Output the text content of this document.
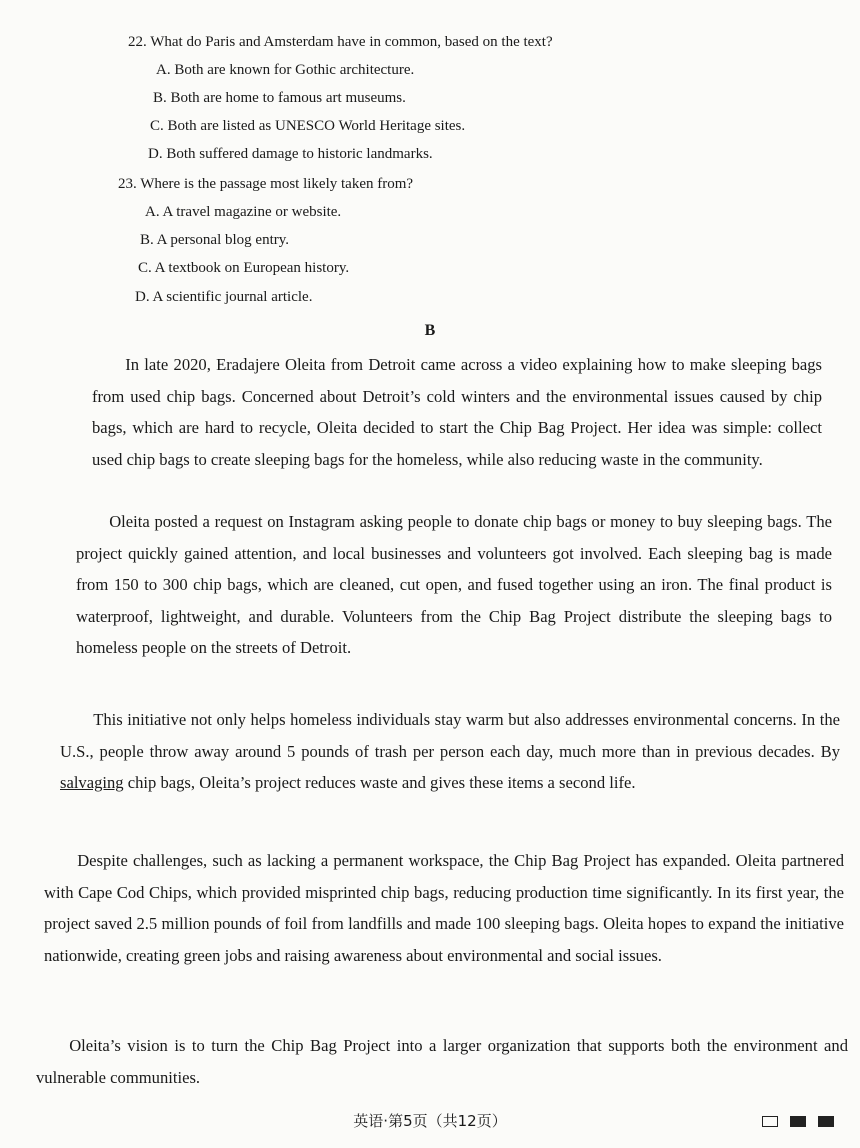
22. What do Paris and Amsterdam have in common, based on the text?
A. Both are known for Gothic architecture.
B. Both are home to famous art museums.
C. Both are listed as UNESCO World Heritage sites.
D. Both suffered damage to historic landmarks.
23. Where is the passage most likely taken from?
A. A travel magazine or website.
B. A personal blog entry.
C. A textbook on European history.
D. A scientific journal article.
B

In late 2020, Eradajere Oleita from Detroit came across a video explaining how to make sleeping bags from used chip bags. Concerned about Detroit’s cold winters and the environmental issues caused by chip bags, which are hard to recycle, Oleita decided to start the Chip Bag Project. Her idea was simple: collect used chip bags to create sleeping bags for the homeless, while also reducing waste in the community.

Oleita posted a request on Instagram asking people to donate chip bags or money to buy sleeping bags. The project quickly gained attention, and local businesses and volunteers got involved. Each sleeping bag is made from 150 to 300 chip bags, which are cleaned, cut open, and fused together using an iron. The final product is waterproof, lightweight, and durable. Volunteers from the Chip Bag Project distribute the sleeping bags to homeless people on the streets of Detroit.

This initiative not only helps homeless individuals stay warm but also addresses environmental concerns. In the U.S., people throw away around 5 pounds of trash per person each day, much more than in previous decades. By salvaging chip bags, Oleita’s project reduces waste and gives these items a second life.

Despite challenges, such as lacking a permanent workspace, the Chip Bag Project has expanded. Oleita partnered with Cape Cod Chips, which provided misprinted chip bags, reducing production time significantly. In its first year, the project saved 2.5 million pounds of foil from landfills and made 100 sleeping bags. Oleita hopes to expand the initiative nationwide, creating green jobs and raising awareness about environmental and social issues.

Oleita’s vision is to turn the Chip Bag Project into a larger organization that supports both the environment and vulnerable communities.

英语·第5页（共12页）
